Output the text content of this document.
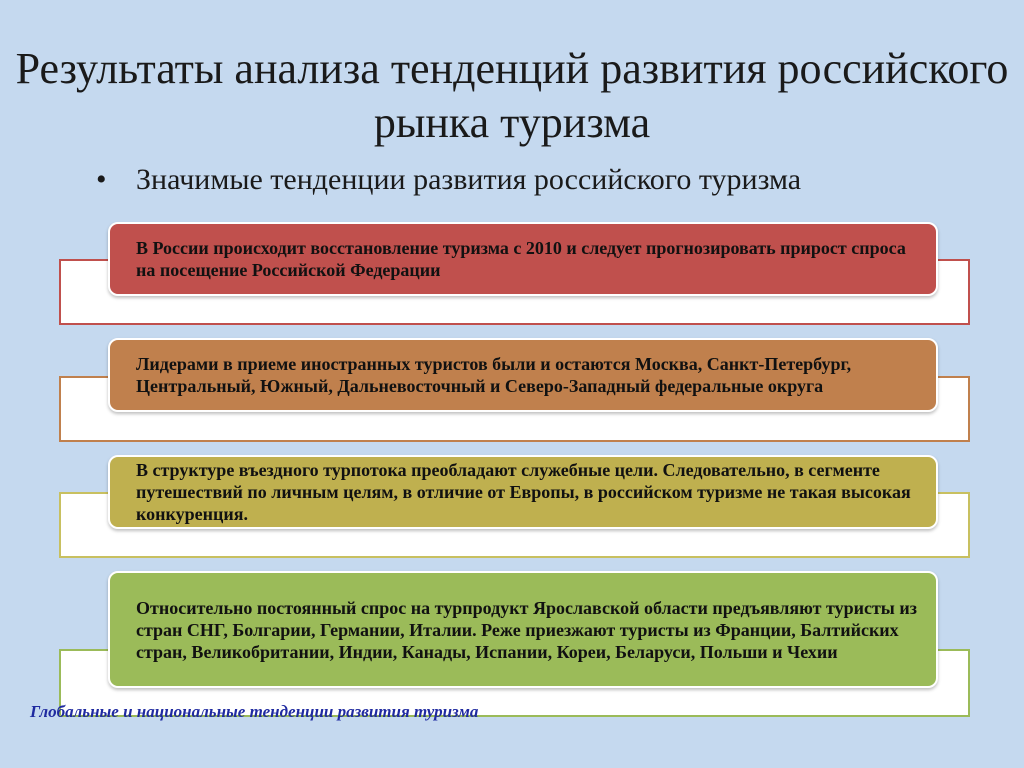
Результаты анализа тенденций развития российского рынка туризма
• Значимые тенденции развития российского туризма
В России происходит восстановление туризма с 2010 и следует прогнозировать прирост спроса на посещение Российской Федерации
Лидерами в приеме иностранных туристов были и остаются Москва, Санкт-Петербург, Центральный, Южный, Дальневосточный и Северо-Западный федеральные округа
В структуре въездного турпотока преобладают служебные цели. Следовательно, в сегменте путешествий по личным целям, в отличие от Европы, в российском туризме не такая высокая конкуренция.
Относительно постоянный спрос на турпродукт Ярославской области предъявляют туристы из стран СНГ, Болгарии, Германии, Италии. Реже приезжают туристы из Франции, Балтийских стран, Великобритании, Индии, Канады, Испании, Кореи, Беларуси, Польши и Чехии
Глобальные и национальные тенденции развития туризма
